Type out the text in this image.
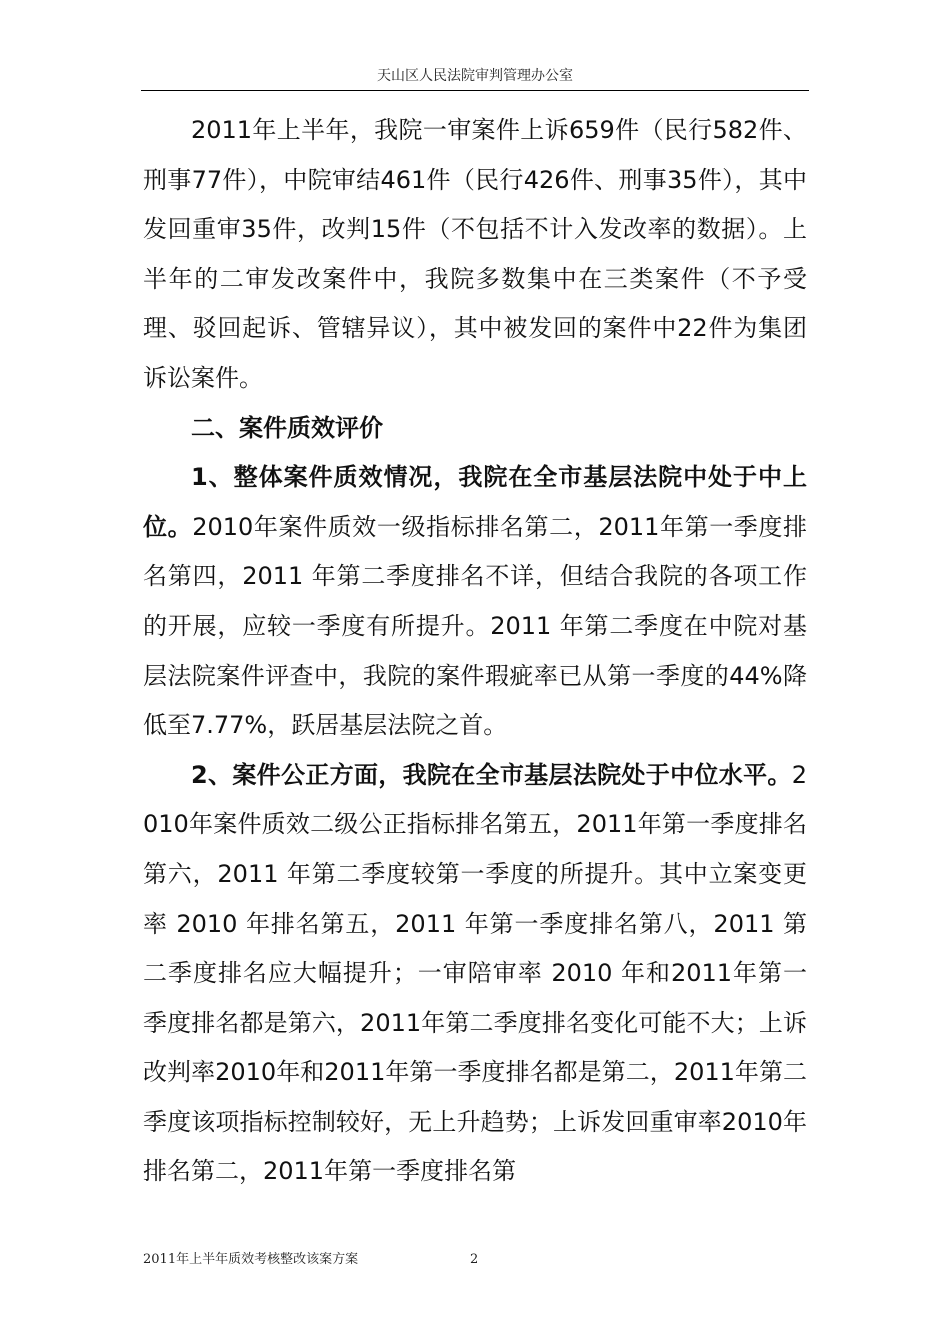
天山区人民法院审判管理办公室

2011年上半年，我院一审案件上诉659件（民行582件、刑事77件），中院审结461件（民行426件、刑事35件），其中发回重审35件，改判15件（不包括不计入发改率的数据）。上半年的二审发改案件中，我院多数集中在三类案件（不予受理、驳回起诉、管辖异议），其中被发回的案件中22件为集团诉讼案件。

二、案件质效评价

1、整体案件质效情况，我院在全市基层法院中处于中上位。2010年案件质效一级指标排名第二，2011年第一季度排名第四，2011 年第二季度排名不详，但结合我院的各项工作的开展，应较一季度有所提升。2011 年第二季度在中院对基层法院案件评查中，我院的案件瑕疵率已从第一季度的44%降低至7.77%，跃居基层法院之首。

2、案件公正方面，我院在全市基层法院处于中位水平。2010年案件质效二级公正指标排名第五，2011年第一季度排名第六，2011 年第二季度较第一季度的所提升。其中立案变更率 2010 年排名第五，2011 年第一季度排名第八，2011 第二季度排名应大幅提升；一审陪审率 2010 年和2011年第一季度排名都是第六，2011年第二季度排名变化可能不大；上诉改判率2010年和2011年第一季度排名都是第二，2011年第二季度该项指标控制较好，无上升趋势；上诉发回重审率2010年排名第二，2011年第一季度排名第

2011年上半年质效考核整改该案方案	2
